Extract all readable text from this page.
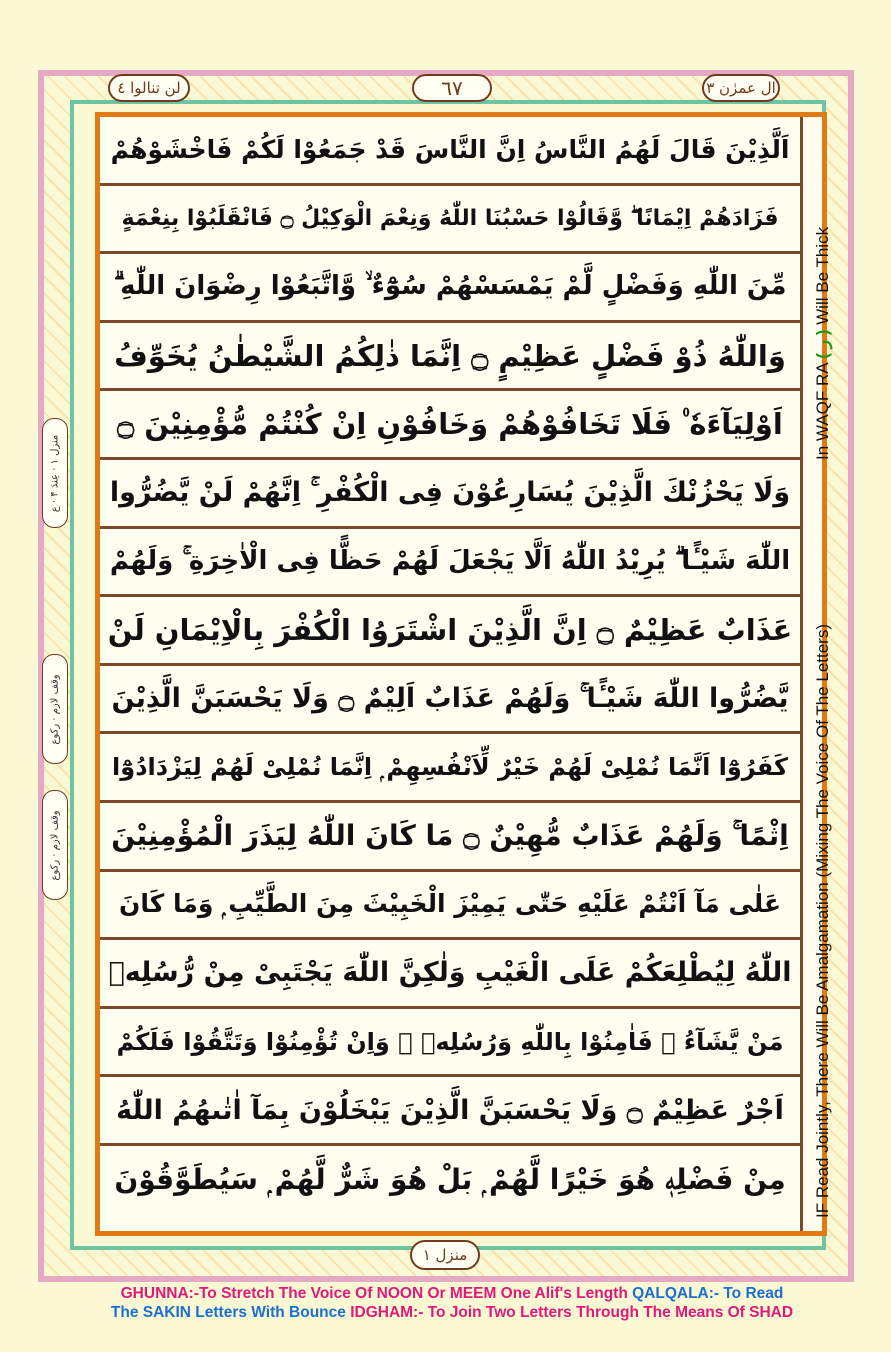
لن تنالوا ٤	٦٧	ال عمرٰن ٣
اَلَّذِيْنَ قَالَ لَهُمُ النَّاسُ اِنَّ النَّاسَ قَدْ جَمَعُوْا لَكُمْ فَاخْشَوْهُمْ
فَزَادَهُمْ اِيْمَانًا ۖ وَّقَالُوْا حَسْبُنَا اللّٰهُ وَنِعْمَ الْوَكِيْلُ ۝ فَانْقَلَبُوْا بِنِعْمَةٍ
مِّنَ اللّٰهِ وَفَضْلٍ لَّمْ يَمْسَسْهُمْ سُوْٓءٌ ۙ وَّاتَّبَعُوْا رِضْوَانَ اللّٰهِ ۗ
وَاللّٰهُ ذُوْ فَضْلٍ عَظِيْمٍ ۝ اِنَّمَا ذٰلِكُمُ الشَّيْطٰنُ يُخَوِّفُ
اَوْلِيَآءَهٗ ۠ فَلَا تَخَافُوْهُمْ وَخَافُوْنِ اِنْ كُنْتُمْ مُّؤْمِنِيْنَ ۝
وَلَا يَحْزُنْكَ الَّذِيْنَ يُسَارِعُوْنَ فِى الْكُفْرِ ۚ اِنَّهُمْ لَنْ يَّضُرُّوا
اللّٰهَ شَيْـًٔا ۗ يُرِيْدُ اللّٰهُ اَلَّا يَجْعَلَ لَهُمْ حَظًّا فِى الْاٰخِرَةِ ۚ وَلَهُمْ
عَذَابٌ عَظِيْمٌ ۝ اِنَّ الَّذِيْنَ اشْتَرَوُا الْكُفْرَ بِالْاِيْمَانِ لَنْ
يَّضُرُّوا اللّٰهَ شَيْـًٔا ۚ وَلَهُمْ عَذَابٌ اَلِيْمٌ ۝ وَلَا يَحْسَبَنَّ الَّذِيْنَ
كَفَرُوْٓا اَنَّمَا نُمْلِىْ لَهُمْ خَيْرٌ لِّاَنْفُسِهِمْ ۭ اِنَّمَا نُمْلِىْ لَهُمْ لِيَزْدَادُوْٓا
اِثْمًا ۚ وَلَهُمْ عَذَابٌ مُّهِيْنٌ ۝ مَا كَانَ اللّٰهُ لِيَذَرَ الْمُؤْمِنِيْنَ
عَلٰى مَآ اَنْتُمْ عَلَيْهِ حَتّٰى يَمِيْزَ الْخَبِيْثَ مِنَ الطَّيِّبِ ۭ وَمَا كَانَ
اللّٰهُ لِيُطْلِعَكُمْ عَلَى الْغَيْبِ وَلٰكِنَّ اللّٰهَ يَجْتَبِىْ مِنْ رُّسُلِهٖ
مَنْ يَّشَآءُ ۠ فَاٰمِنُوْا بِاللّٰهِ وَرُسُلِهٖ ۚ وَاِنْ تُؤْمِنُوْا وَتَتَّقُوْا فَلَكُمْ
اَجْرٌ عَظِيْمٌ ۝ وَلَا يَحْسَبَنَّ الَّذِيْنَ يَبْخَلُوْنَ بِمَآ اٰتٰىهُمُ اللّٰهُ
مِنْ فَضْلِهٖ هُوَ خَيْرًا لَّهُمْ ۭ بَلْ هُوَ شَرٌّ لَّهُمْ ۭ سَيُطَوَّقُوْنَ
In WAQF RA ( ر ) Will Be Thick
IF Read Jointly, There Will Be Amalgamation (Mixing The Voice Of The Letters)
منزل ۱ · عِندَ ۴ · ع
وقف لازم · رکوع
وقف لازم · رکوع
منزل ١
GHUNNA:-To Stretch The Voice Of NOON Or MEEM One Alif's Length QALQALA:- To Read
The SAKIN Letters With Bounce IDGHAM:- To Join Two Letters Through The Means Of SHAD
